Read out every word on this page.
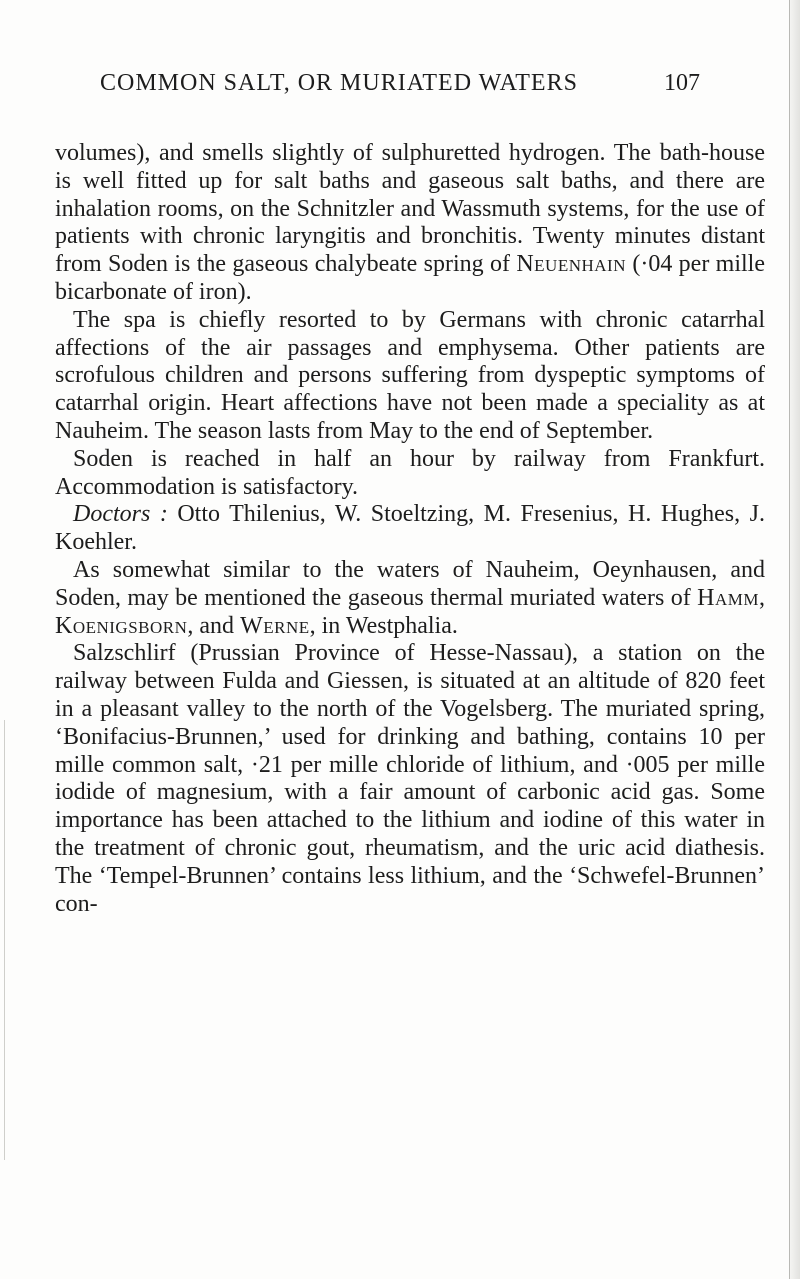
COMMON SALT, OR MURIATED WATERS	107

volumes), and smells slightly of sulphuretted hydrogen. The bath-house is well fitted up for salt baths and gaseous salt baths, and there are inhalation rooms, on the Schnitzler and Wassmuth systems, for the use of patients with chronic laryngitis and bronchitis. Twenty minutes distant from Soden is the gaseous chalybeate spring of Neuenhain (·04 per mille bicarbonate of iron).

The spa is chiefly resorted to by Germans with chronic catarrhal affections of the air passages and emphysema. Other patients are scrofulous children and persons suffering from dyspeptic symptoms of catarrhal origin. Heart affections have not been made a speciality as at Nauheim. The season lasts from May to the end of September.

Soden is reached in half an hour by railway from Frankfurt. Accommodation is satisfactory.

Doctors : Otto Thilenius, W. Stoeltzing, M. Fresenius, H. Hughes, J. Koehler.

As somewhat similar to the waters of Nauheim, Oeynhausen, and Soden, may be mentioned the gaseous thermal muriated waters of Hamm, Koenigsborn, and Werne, in Westphalia.

Salzschlirf (Prussian Province of Hesse-Nassau), a station on the railway between Fulda and Giessen, is situated at an altitude of 820 feet in a pleasant valley to the north of the Vogelsberg. The muriated spring, ‘Bonifacius-Brunnen,’ used for drinking and bathing, contains 10 per mille common salt, ·21 per mille chloride of lithium, and ·005 per mille iodide of magnesium, with a fair amount of carbonic acid gas. Some importance has been attached to the lithium and iodine of this water in the treatment of chronic gout, rheumatism, and the uric acid diathesis. The ‘Tempel-Brunnen’ contains less lithium, and the ‘Schwefel-Brunnen’ con-
